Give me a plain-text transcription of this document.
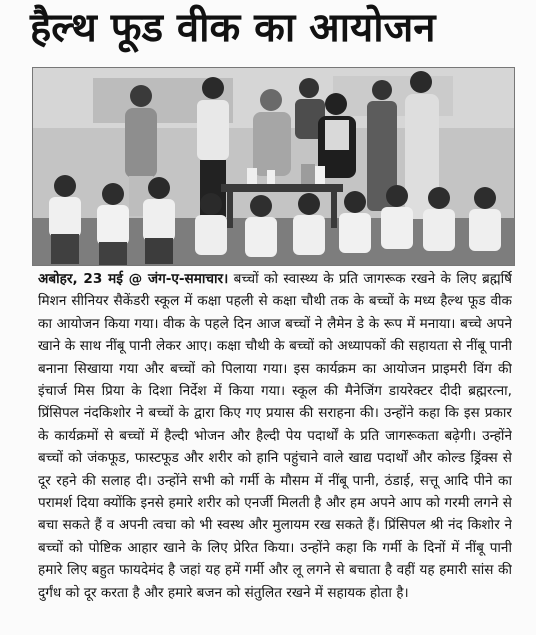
हैल्थ फूड वीक का आयोजन
अबोहर, 23 मई @ जंग-ए-समाचार। बच्चों को स्वास्थ्य के प्रति जागरूक रखने के लिए ब्रह्मर्षि मिशन सीनियर सैकेंडरी स्कूल में कक्षा पहली से कक्षा चौथी तक के बच्चों के मध्य हैल्थ फूड वीक का आयोजन किया गया। वीक के पहले दिन आज बच्चों ने लैमेन डे के रूप में मनाया। बच्चे अपने खाने के साथ नींबू पानी लेकर आए। कक्षा चौथी के बच्चों को अध्यापकों की सहायता से नींबू पानी बनाना सिखाया गया और बच्चों को पिलाया गया। इस कार्यक्रम का आयोजन प्राइमरी विंग की इंचार्ज मिस प्रिया के दिशा निर्देश में किया गया। स्कूल की मैनेजिंग डायरेक्टर दीदी ब्रह्मरत्ना, प्रिंसिपल नंदकिशोर ने बच्चों के द्वारा किए गए प्रयास की सराहना की। उन्होंने कहा कि इस प्रकार के कार्यक्रमों से बच्चों में हैल्दी भोजन और हैल्दी पेय पदार्थों के प्रति जागरूकता बढ़ेगी। उन्होंने बच्चों को जंकफूड, फास्टफूड और शरीर को हानि पहुंचाने वाले खाद्य पदार्थों और कोल्ड ड्रिंक्स से दूर रहने की सलाह दी। उन्होंने सभी को गर्मी के मौसम में नींबू पानी, ठंडाई, सत्तू आदि पीने का परामर्श दिया क्योंकि इनसे हमारे शरीर को एनर्जी मिलती है और हम अपने आप को गरमी लगने से बचा सकते हैं व अपनी त्वचा को भी स्वस्थ और मुलायम रख सकते हैं। प्रिंसिपल श्री नंद किशोर ने बच्चों को पोष्टिक आहार खाने के लिए प्रेरित किया। उन्होंने कहा कि गर्मी के दिनों में नींबू पानी हमारे लिए बहुत फायदेमंद है जहां यह हमें गर्मी और लू लगने से बचाता है वहीं यह हमारी सांस की दुर्गंध को दूर करता है और हमारे बजन को संतुलित रखने में सहायक होता है।
